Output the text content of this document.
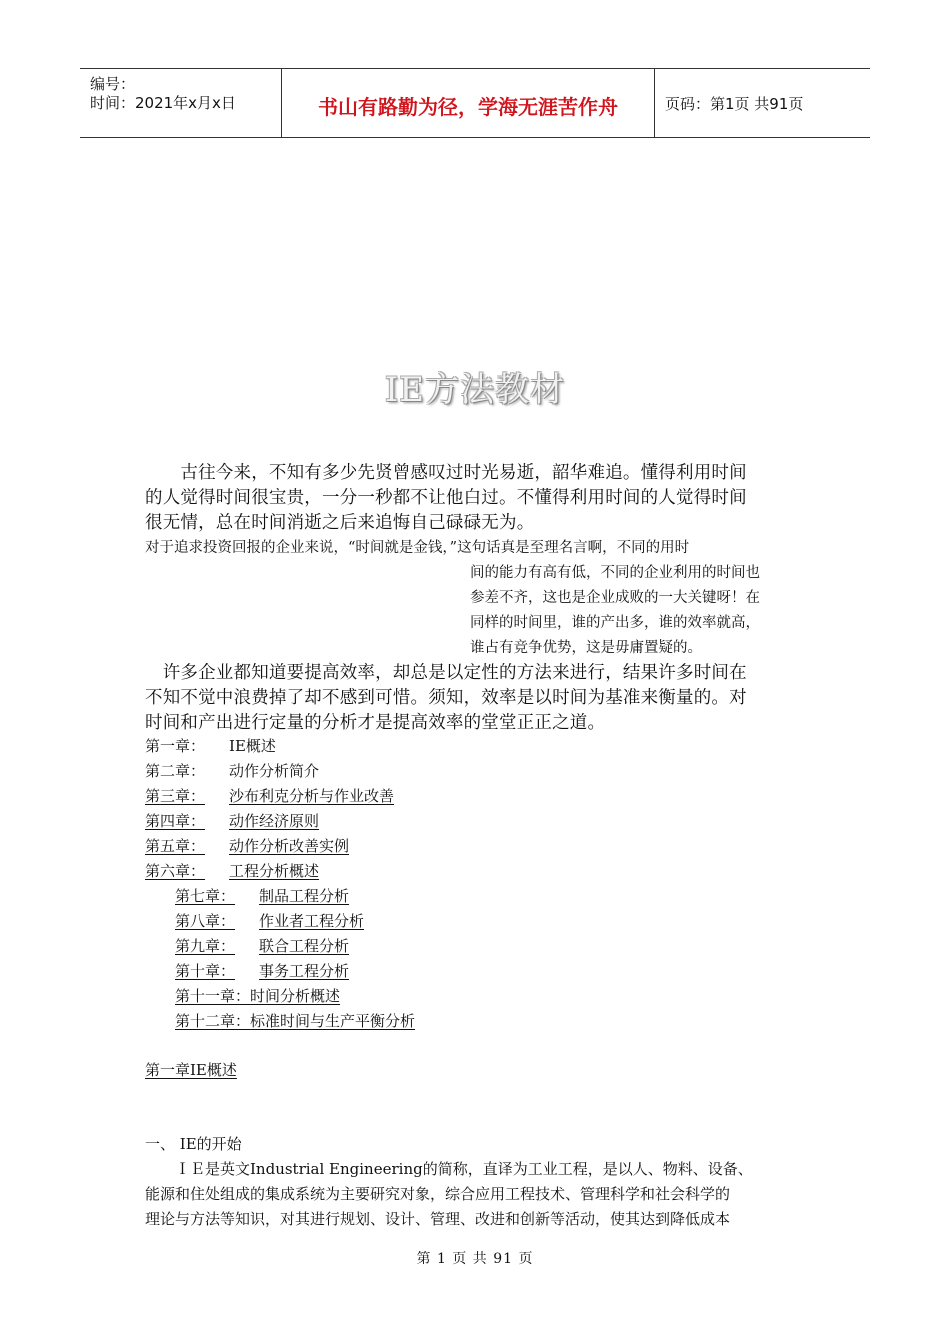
编号：
时间：2021年x月x日	书山有路勤为径，学海无涯苦作舟	页码：第1页 共91页
IE方法教材
　　古往今来，不知有多少先贤曾感叹过时光易逝，韶华难追。懂得利用时间
的人觉得时间很宝贵，一分一秒都不让他白过。不懂得利用时间的人觉得时间
很无情，总在时间消逝之后来追悔自己碌碌无为。
对于追求投资回报的企业来说，“时间就是金钱，”这句话真是至理名言啊，不同的用时
间的能力有高有低，不同的企业利用的时间也
参差不齐，这也是企业成败的一大关键呀！在
同样的时间里，谁的产出多，谁的效率就高，
谁占有竞争优势，这是毋庸置疑的。
　许多企业都知道要提高效率，却总是以定性的方法来进行，结果许多时间在
不知不觉中浪费掉了却不感到可惜。须知，效率是以时间为基准来衡量的。对
时间和产出进行定量的分析才是提高效率的堂堂正正之道。
第一章： IE概述
第二章： 动作分析简介
第三章： 沙布利克分析与作业改善
第四章： 动作经济原则
第五章： 动作分析改善实例
第六章： 工程分析概述
第七章： 制品工程分析
第八章： 作业者工程分析
第九章： 联合工程分析
第十章： 事务工程分析
第十一章：时间分析概述
第十二章：标准时间与生产平衡分析
第一章IE概述
一、 IE的开始
　　ＩＥ是英文Industrial Engineering的简称，直译为工业工程，是以人、物料、设备、
能源和住处组成的集成系统为主要研究对象，综合应用工程技术、管理科学和社会科学的
理论与方法等知识，对其进行规划、设计、管理、改进和创新等活动，使其达到降低成本
第 1 页 共 91 页
